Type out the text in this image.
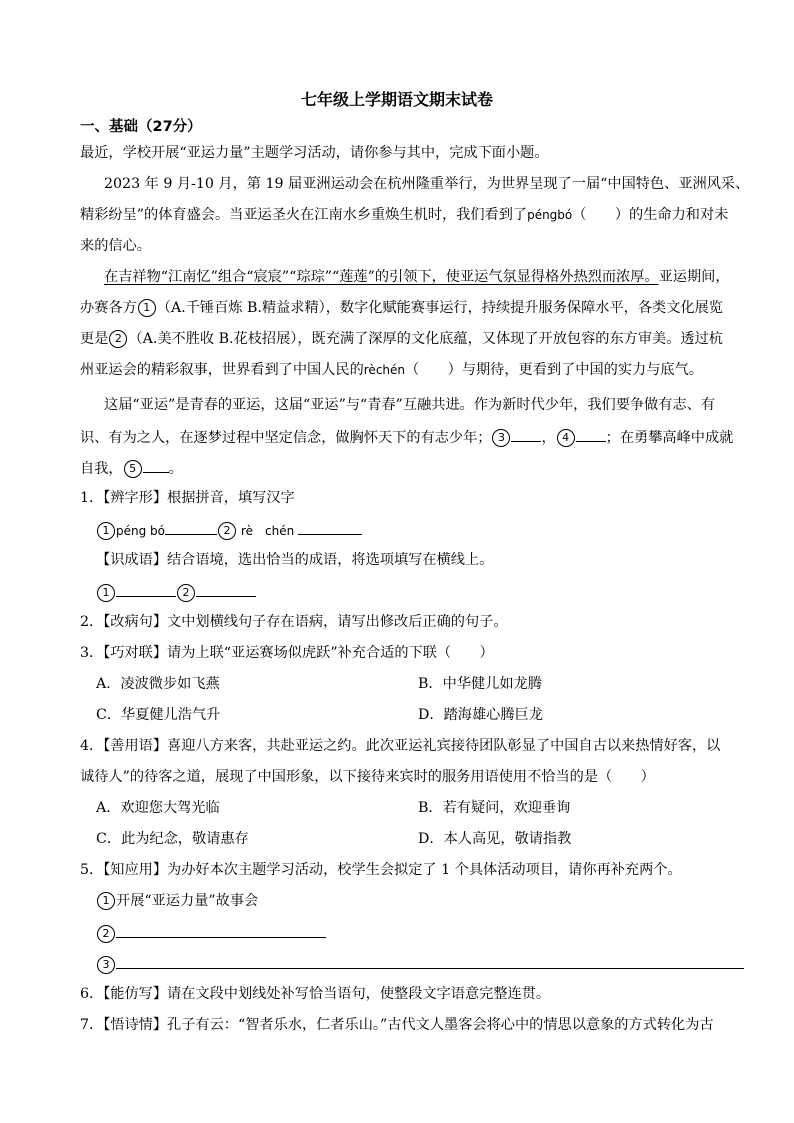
七年级上学期语文期末试卷
一、基础（27分）
最近，学校开展“亚运力量”主题学习活动，请你参与其中，完成下面小题。
2023 年 9 月-10 月，第 19 届亚洲运动会在杭州隆重举行，为世界呈现了一届“中国特色、亚洲风采、
精彩纷呈”的体育盛会。当亚运圣火在江南水乡重焕生机时，我们看到了péngbó（　　）的生命力和对未
来的信心。
在吉祥物“江南忆”组合“宸宸”“琮琮”“莲莲”的引领下，使亚运气氛显得格外热烈而浓厚。亚运期间，
办赛各方 1 （A.千锤百炼 B.精益求精），数字化赋能赛事运行，持续提升服务保障水平，各类文化展览
更是 2 （A.美不胜收 B.花枝招展），既充满了深厚的文化底蕴，又体现了开放包容的东方审美。透过杭
州亚运会的精彩叙事，世界看到了中国人民的rèchén（　　）与期待，更看到了中国的实力与底气。
这届“亚运”是青春的亚运，这届“亚运”与“青春”互融共进。作为新时代少年，我们要争做有志、有
识、有为之人，在逐梦过程中坚定信念，做胸怀天下的有志少年； 3	， 4	；在勇攀高峰中成就
自我， 5 。
1．【辨字形】根据拼音，填写汉字
1 péng bó	2 rè　chén
【识成语】结合语境，选出恰当的成语，将选项填写在横线上。
1	2
2．【改病句】文中划横线句子存在语病，请写出修改后正确的句子。
3．【巧对联】请为上联“亚运赛场似虎跃”补充合适的下联（　　）
A．凌波微步如飞燕	B．中华健儿如龙腾
C．华夏健儿浩气升	D．踏海雄心腾巨龙
4．【善用语】喜迎八方来客，共赴亚运之约。此次亚运礼宾接待团队彰显了中国自古以来热情好客，以
诚待人”的待客之道，展现了中国形象，以下接待来宾时的服务用语使用不恰当的是（　　）
A．欢迎您大驾光临	B．若有疑问，欢迎垂询
C．此为纪念，敬请惠存	D．本人高见，敬请指教
5．【知应用】为办好本次主题学习活动，校学生会拟定了 1 个具体活动项目，请你再补充两个。
1 开展“亚运力量”故事会
2
3
6．【能仿写】请在文段中划线处补写恰当语句，使整段文字语意完整连贯。
7．【悟诗情】孔子有云：“智者乐水，仁者乐山。”古代文人墨客会将心中的情思以意象的方式转化为古
